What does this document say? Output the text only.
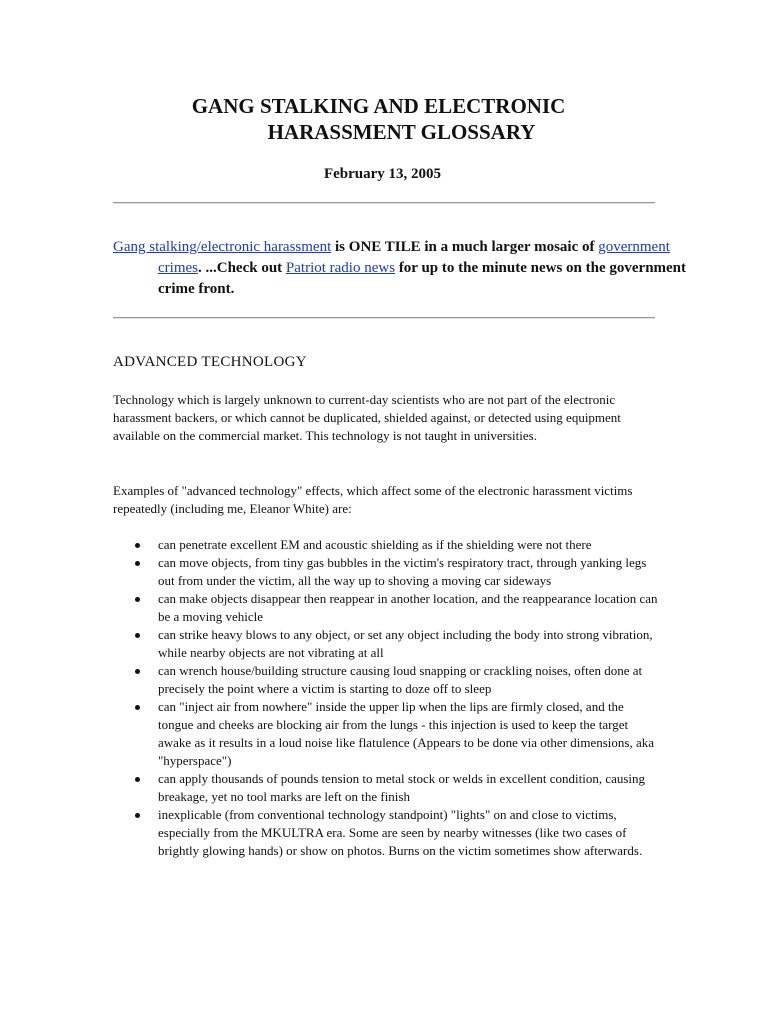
GANG STALKING AND ELECTRONIC
HARASSMENT GLOSSARY
February 13, 2005

Gang stalking/electronic harassment is ONE TILE in a much larger mosaic of government crimes. ...Check out Patriot radio news for up to the minute news on the government crime front.

ADVANCED TECHNOLOGY

Technology which is largely unknown to current-day scientists who are not part of the electronic harassment backers, or which cannot be duplicated, shielded against, or detected using equipment available on the commercial market. This technology is not taught in universities.

Examples of "advanced technology" effects, which affect some of the electronic harassment victims repeatedly (including me, Eleanor White) are:

can penetrate excellent EM and acoustic shielding as if the shielding were not there
can move objects, from tiny gas bubbles in the victim's respiratory tract, through yanking legs out from under the victim, all the way up to shoving a moving car sideways
can make objects disappear then reappear in another location, and the reappearance location can be a moving vehicle
can strike heavy blows to any object, or set any object including the body into strong vibration, while nearby objects are not vibrating at all
can wrench house/building structure causing loud snapping or crackling noises, often done at precisely the point where a victim is starting to doze off to sleep
can "inject air from nowhere" inside the upper lip when the lips are firmly closed, and the tongue and cheeks are blocking air from the lungs - this injection is used to keep the target awake as it results in a loud noise like flatulence (Appears to be done via other dimensions, aka "hyperspace")
can apply thousands of pounds tension to metal stock or welds in excellent condition, causing breakage, yet no tool marks are left on the finish
inexplicable (from conventional technology standpoint) "lights" on and close to victims, especially from the MKULTRA era. Some are seen by nearby witnesses (like two cases of brightly glowing hands) or show on photos. Burns on the victim sometimes show afterwards.
